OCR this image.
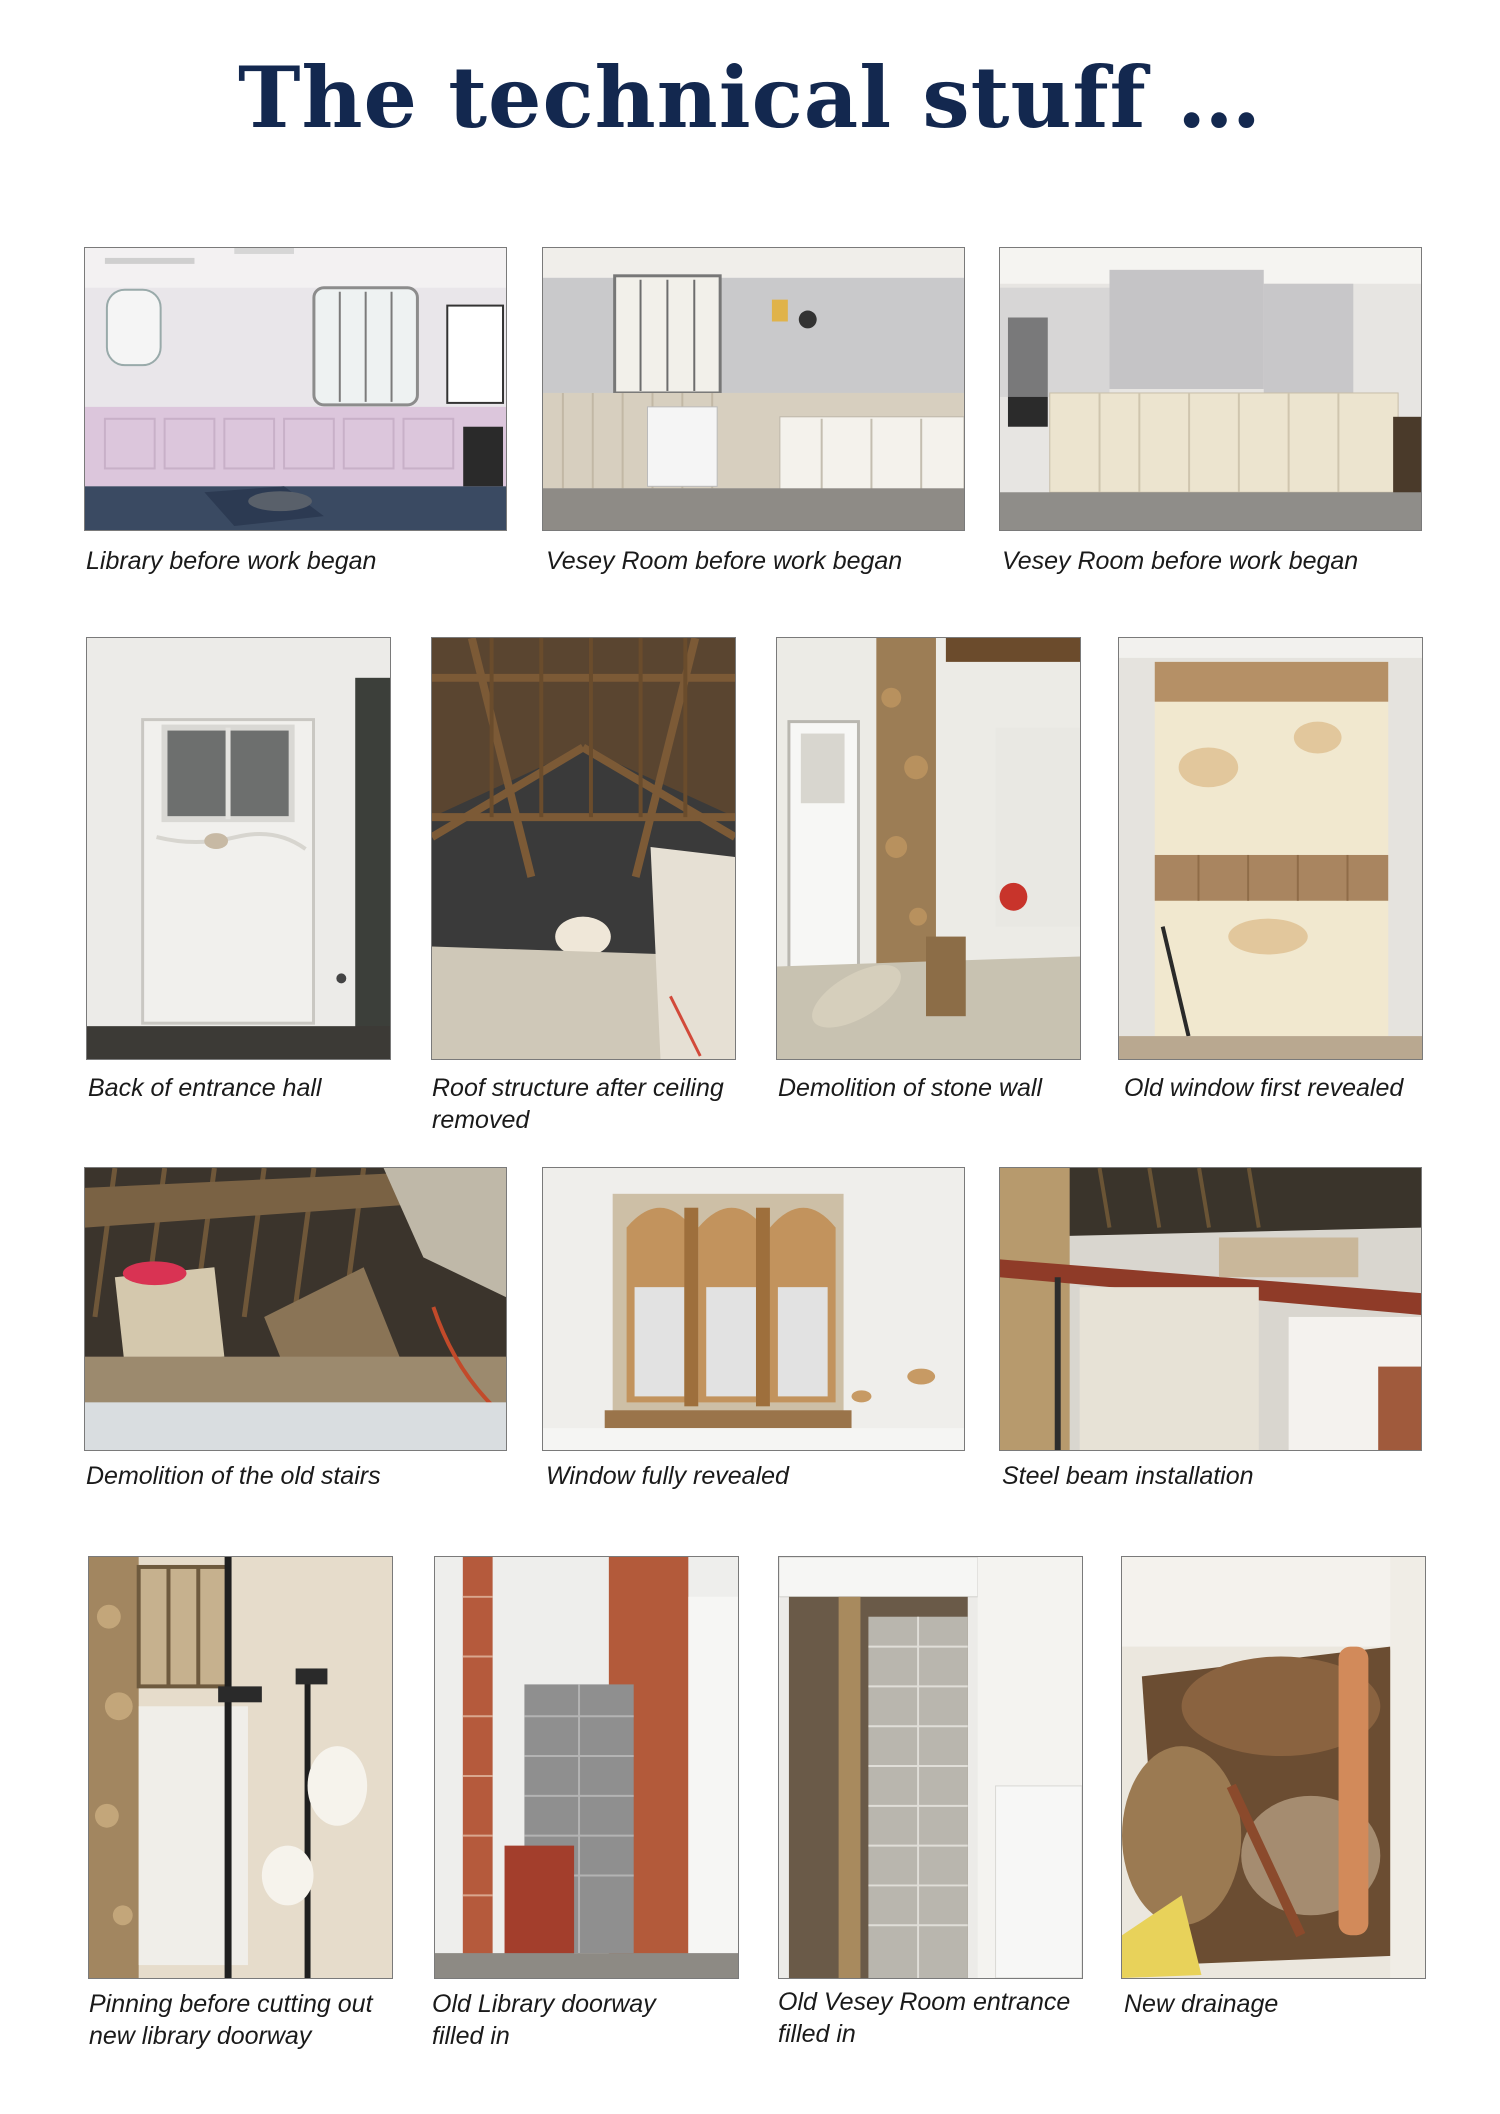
The technical stuff …
Library before work began	Vesey Room before work began	Vesey Room before work began
Back of entrance hall	Roof structure after ceiling removed
Demolition of stone wall	Old window first revealed
Demolition of the old stairs	Window fully revealed	Steel beam installation
Pinning before cutting out new library doorway
Old Library doorway filled in
Old Vesey Room entrance filled in
New drainage
